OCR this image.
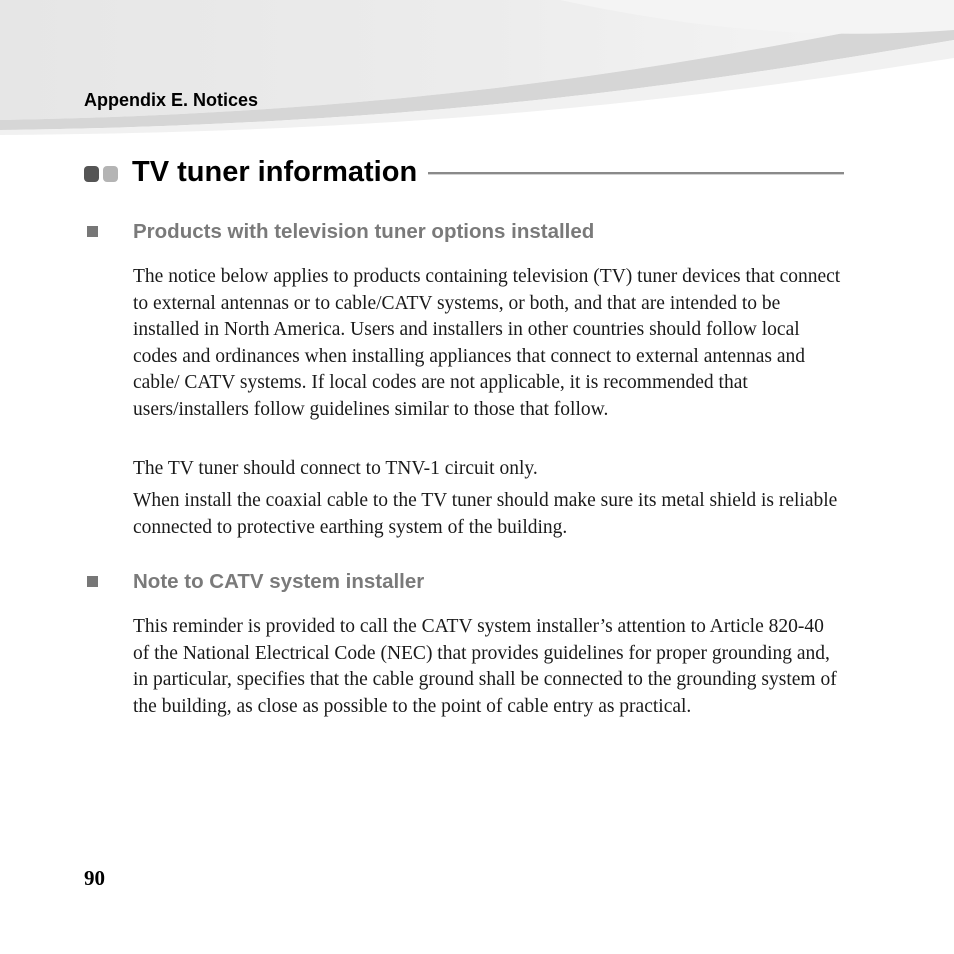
Appendix E. Notices
TV tuner information
Products with television tuner options installed

The notice below applies to products containing television (TV) tuner devices that connect to external antennas or to cable/CATV systems, or both, and that are intended to be installed in North America. Users and installers in other countries should follow local codes and ordinances when installing appliances that connect to external antennas and cable/ CATV systems. If local codes are not applicable, it is recommended that users/installers follow guidelines similar to those that follow.

The TV tuner should connect to TNV-1 circuit only.

When install the coaxial cable to the TV tuner should make sure its metal shield is reliable connected to protective earthing system of the building.

Note to CATV system installer

This reminder is provided to call the CATV system installer’s attention to Article 820-40 of the National Electrical Code (NEC) that provides guidelines for proper grounding and, in particular, specifies that the cable ground shall be connected to the grounding system of the building, as close as possible to the point of cable entry as practical.

90
